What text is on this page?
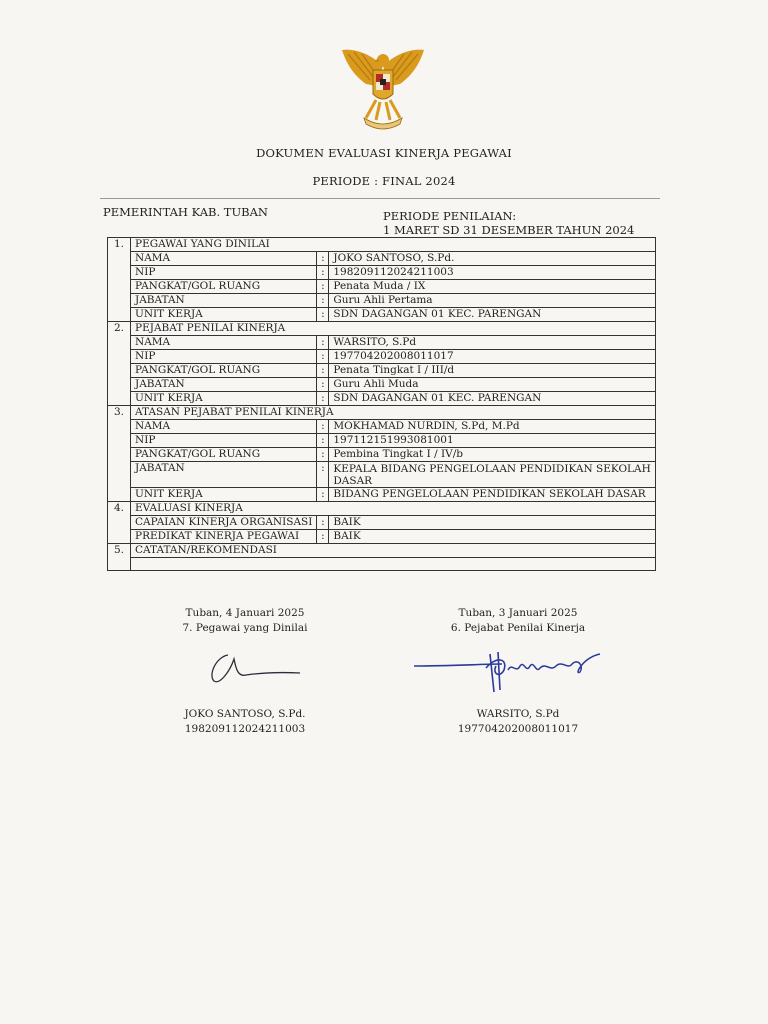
DOKUMEN EVALUASI KINERJA PEGAWAI
PERIODE : FINAL 2024
PEMERINTAH KAB. TUBAN	PERIODE PENILAIAN:
1 MARET SD 31 DESEMBER TAHUN 2024
1.	PEGAWAI YANG DINILAI		
	NAMA	:	JOKO SANTOSO, S.Pd.
	NIP	:	198209112024211003
	PANGKAT/GOL RUANG	:	Penata Muda / IX
	JABATAN	:	Guru Ahli Pertama
	UNIT KERJA	:	SDN DAGANGAN 01 KEC. PARENGAN
2.	PEJABAT PENILAI KINERJA		
	NAMA	:	WARSITO, S.Pd
	NIP	:	197704202008011017
	PANGKAT/GOL RUANG	:	Penata Tingkat I / III/d
	JABATAN	:	Guru Ahli Muda
	UNIT KERJA	:	SDN DAGANGAN 01 KEC. PARENGAN
3.	ATASAN PEJABAT PENILAI KINERJA		
	NAMA	:	MOKHAMAD NURDIN, S.Pd, M.Pd
	NIP	:	197112151993081001
	PANGKAT/GOL RUANG	:	Pembina Tingkat I / IV/b
	JABATAN	:	KEPALA BIDANG PENGELOLAAN PENDIDIKAN SEKOLAH DASAR
	UNIT KERJA	:	BIDANG PENGELOLAAN PENDIDIKAN SEKOLAH DASAR
4.	EVALUASI KINERJA		
	CAPAIAN KINERJA ORGANISASI	:	BAIK
	PREDIKAT KINERJA PEGAWAI	:	BAIK
5.	CATATAN/REKOMENDASI		

Tuban, 4 Januari 2025
7. Pegawai yang Dinilai
JOKO SANTOSO, S.Pd.
198209112024211003
Tuban, 3 Januari 2025
6. Pejabat Penilai Kinerja
WARSITO, S.Pd
197704202008011017
